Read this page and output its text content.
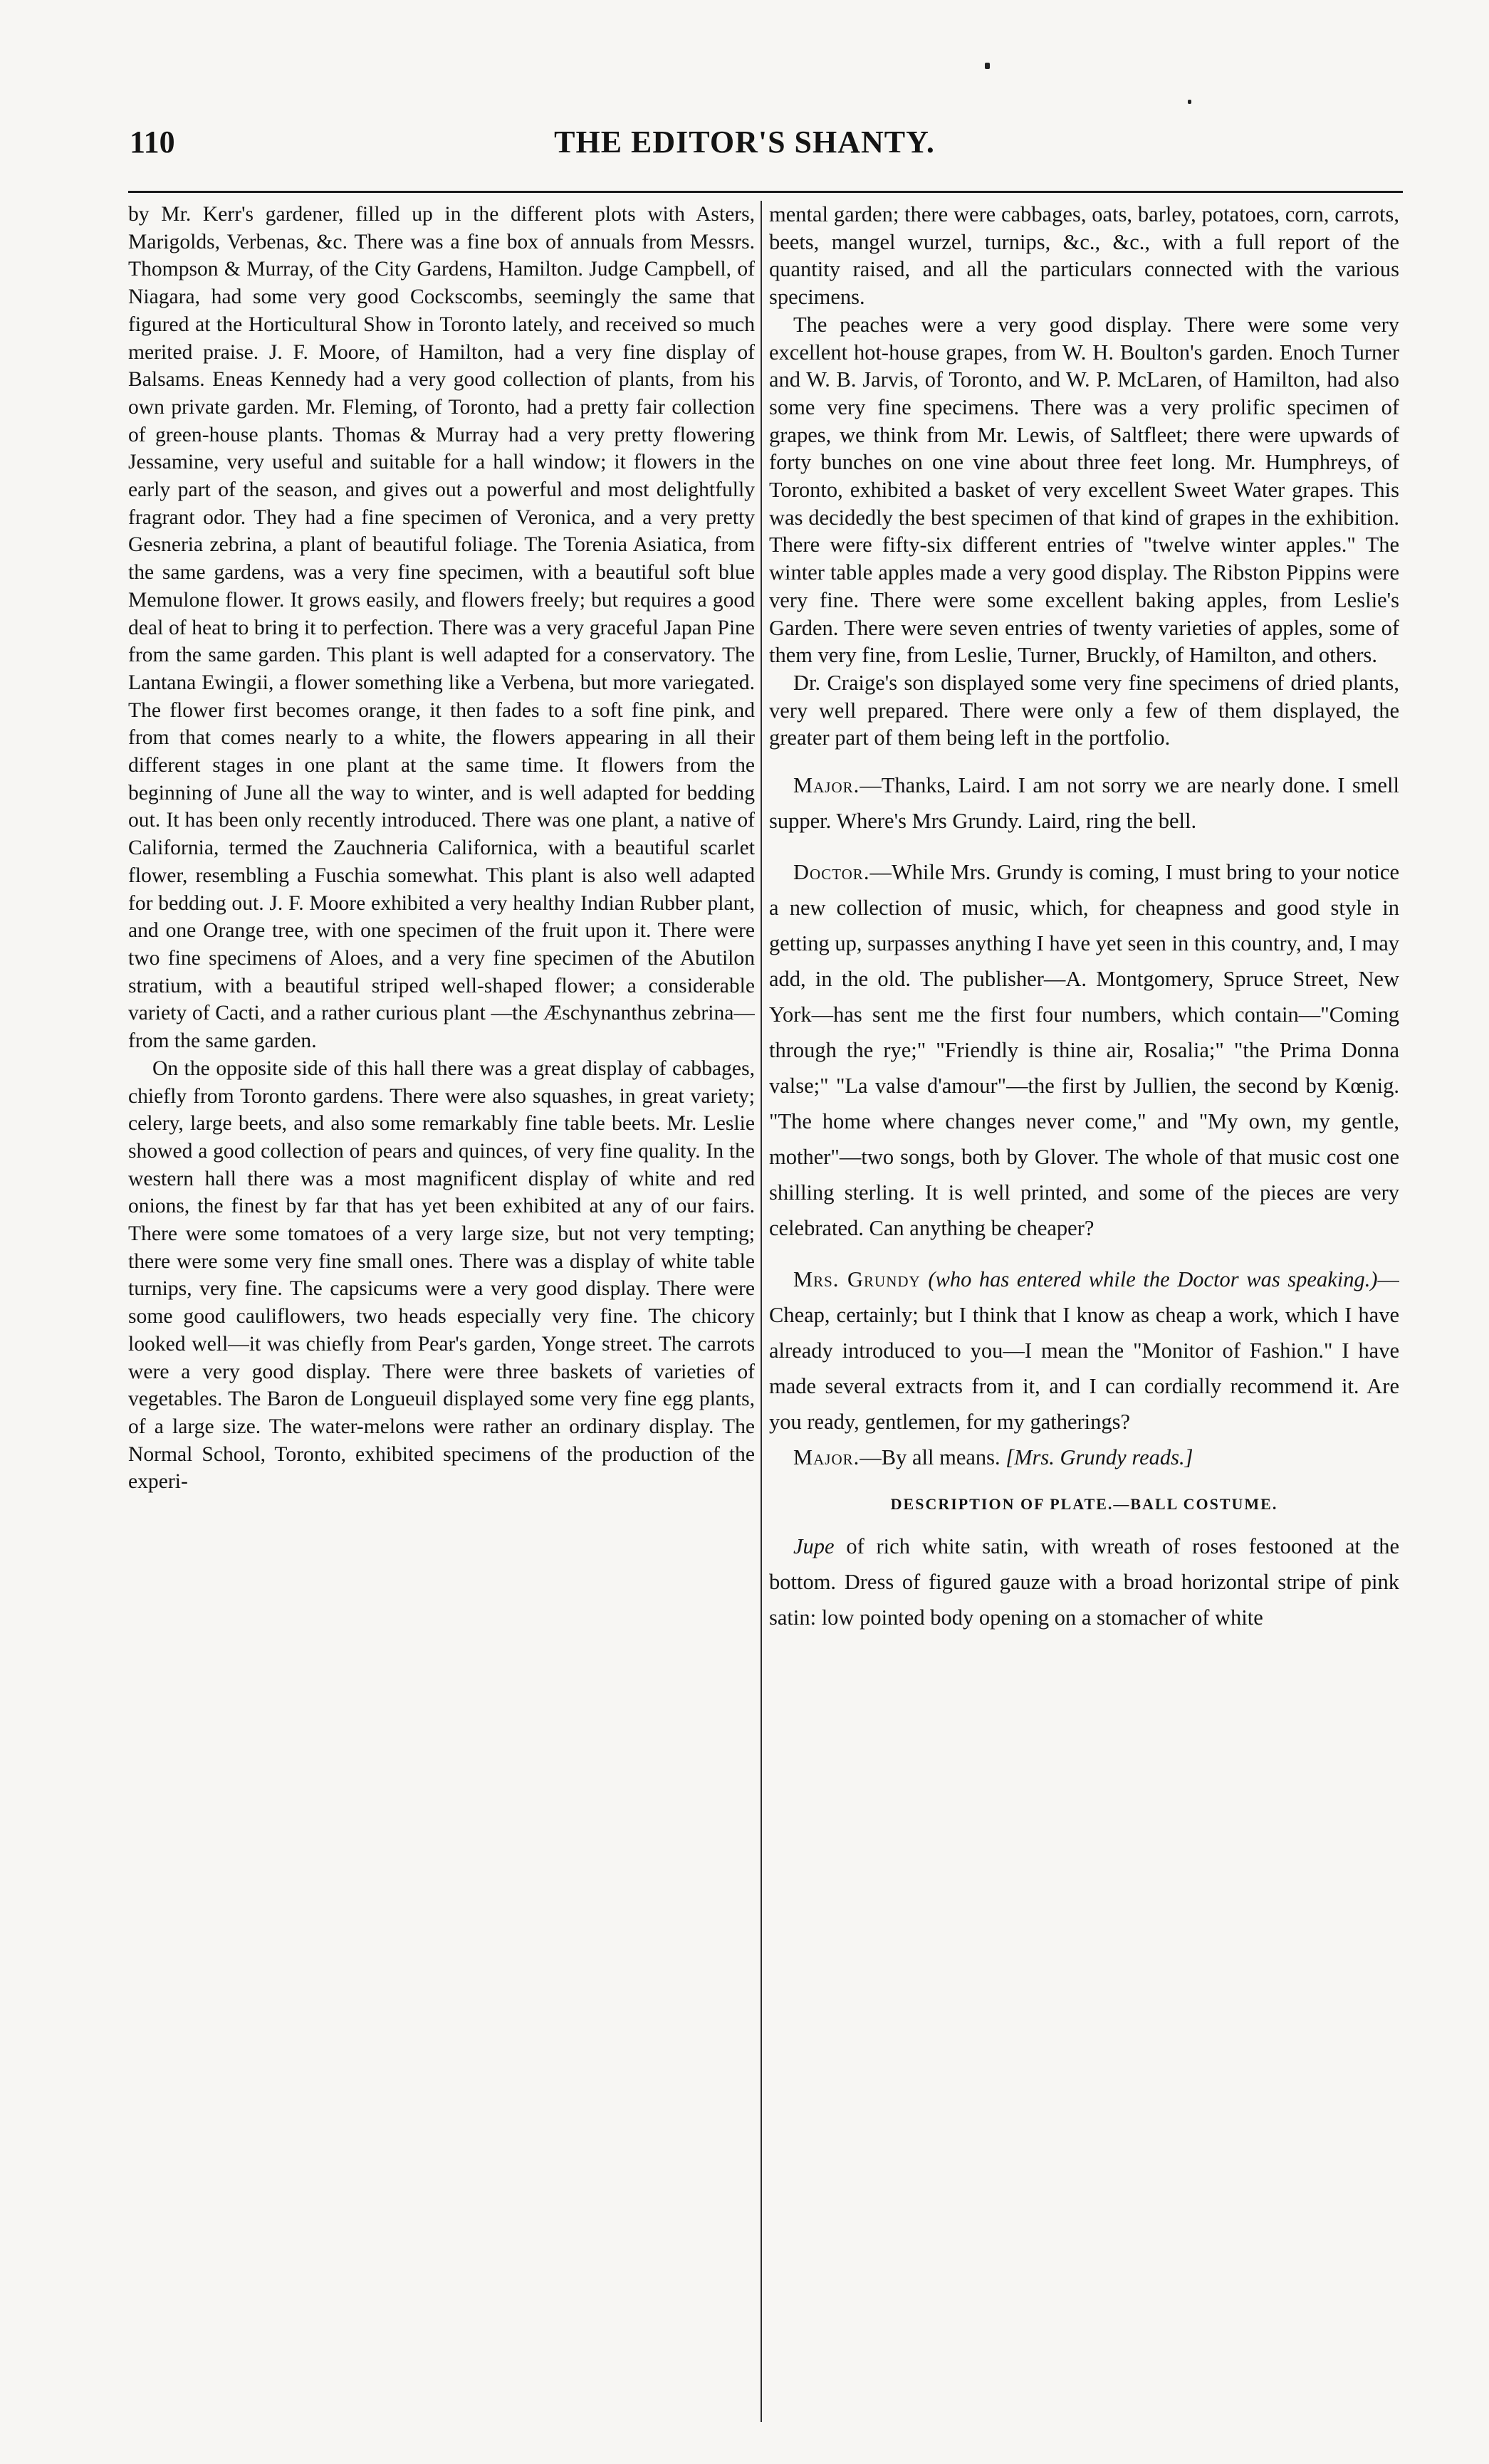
110	THE EDITOR'S SHANTY.

by Mr. Kerr's gardener, filled up in the different plots with Asters, Marigolds, Verbenas, &c. There was a fine box of annuals from Messrs. Thompson & Murray, of the City Gardens, Hamilton. Judge Campbell, of Niagara, had some very good Cockscombs, seemingly the same that figured at the Horticultural Show in Toronto lately, and received so much merited praise. J. F. Moore, of Hamilton, had a very fine display of Balsams. Eneas Kennedy had a very good collection of plants, from his own private garden. Mr. Fleming, of Toronto, had a pretty fair collection of green-house plants. Thomas & Murray had a very pretty flowering Jessamine, very useful and suitable for a hall window; it flowers in the early part of the season, and gives out a powerful and most delightfully fragrant odor. They had a fine specimen of Veronica, and a very pretty Gesneria zebrina, a plant of beautiful foliage. The Torenia Asiatica, from the same gardens, was a very fine specimen, with a beautiful soft blue Memulone flower. It grows easily, and flowers freely; but requires a good deal of heat to bring it to perfection. There was a very graceful Japan Pine from the same garden. This plant is well adapted for a conservatory. The Lantana Ewingii, a flower something like a Verbena, but more variegated. The flower first becomes orange, it then fades to a soft fine pink, and from that comes nearly to a white, the flowers appearing in all their different stages in one plant at the same time. It flowers from the beginning of June all the way to winter, and is well adapted for bedding out. It has been only recently introduced. There was one plant, a native of California, termed the Zauchneria Californica, with a beautiful scarlet flower, resembling a Fuschia somewhat. This plant is also well adapted for bedding out. J. F. Moore exhibited a very healthy Indian Rubber plant, and one Orange tree, with one specimen of the fruit upon it. There were two fine specimens of Aloes, and a very fine specimen of the Abutilon stratium, with a beautiful striped well-shaped flower; a considerable variety of Cacti, and a rather curious plant —the Æschynanthus zebrina—from the same garden.

On the opposite side of this hall there was a great display of cabbages, chiefly from Toronto gardens. There were also squashes, in great variety; celery, large beets, and also some remarkably fine table beets. Mr. Leslie showed a good collection of pears and quinces, of very fine quality. In the western hall there was a most magnificent display of white and red onions, the finest by far that has yet been exhibited at any of our fairs. There were some tomatoes of a very large size, but not very tempting; there were some very fine small ones. There was a display of white table turnips, very fine. The capsicums were a very good display. There were some good cauliflowers, two heads especially very fine. The chicory looked well—it was chiefly from Pear's garden, Yonge street. The carrots were a very good display. There were three baskets of varieties of vegetables. The Baron de Longueuil displayed some very fine egg plants, of a large size. The water-melons were rather an ordinary display. The Normal School, Toronto, exhibited specimens of the production of the experi-

mental garden; there were cabbages, oats, barley, potatoes, corn, carrots, beets, mangel wurzel, turnips, &c., &c., with a full report of the quantity raised, and all the particulars connected with the various specimens.

The peaches were a very good display. There were some very excellent hot-house grapes, from W. H. Boulton's garden. Enoch Turner and W. B. Jarvis, of Toronto, and W. P. McLaren, of Hamilton, had also some very fine specimens. There was a very prolific specimen of grapes, we think from Mr. Lewis, of Saltfleet; there were upwards of forty bunches on one vine about three feet long. Mr. Humphreys, of Toronto, exhibited a basket of very excellent Sweet Water grapes. This was decidedly the best specimen of that kind of grapes in the exhibition. There were fifty-six different entries of "twelve winter apples." The winter table apples made a very good display. The Ribston Pippins were very fine. There were some excellent baking apples, from Leslie's Garden. There were seven entries of twenty varieties of apples, some of them very fine, from Leslie, Turner, Bruckly, of Hamilton, and others.

Dr. Craige's son displayed some very fine specimens of dried plants, very well prepared. There were only a few of them displayed, the greater part of them being left in the portfolio.

Major.—Thanks, Laird. I am not sorry we are nearly done. I smell supper. Where's Mrs Grundy. Laird, ring the bell.

Doctor.—While Mrs. Grundy is coming, I must bring to your notice a new collection of music, which, for cheapness and good style in getting up, surpasses anything I have yet seen in this country, and, I may add, in the old. The publisher—A. Montgomery, Spruce Street, New York—has sent me the first four numbers, which contain—"Coming through the rye;" "Friendly is thine air, Rosalia;" "the Prima Donna valse;" "La valse d'amour"—the first by Jullien, the second by Kœnig. "The home where changes never come," and "My own, my gentle, mother"—two songs, both by Glover. The whole of that music cost one shilling sterling. It is well printed, and some of the pieces are very celebrated. Can anything be cheaper?

Mrs. Grundy (who has entered while the Doctor was speaking.)—Cheap, certainly; but I think that I know as cheap a work, which I have already introduced to you—I mean the "Monitor of Fashion." I have made several extracts from it, and I can cordially recommend it. Are you ready, gentlemen, for my gatherings?

Major.—By all means. [Mrs. Grundy reads.]

DESCRIPTION OF PLATE.—BALL COSTUME.

Jupe of rich white satin, with wreath of roses festooned at the bottom. Dress of figured gauze with a broad horizontal stripe of pink satin: low pointed body opening on a stomacher of white
